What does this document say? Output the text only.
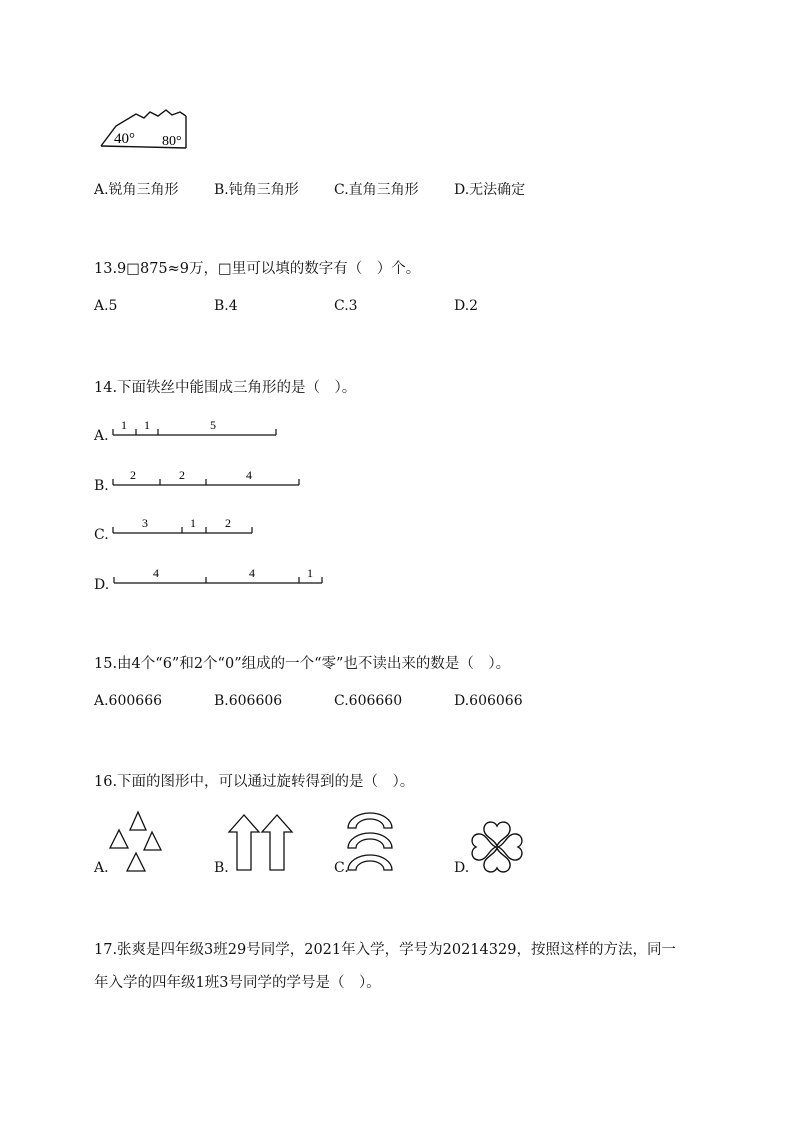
40° 80°
A.锐角三角形	B.钝角三角形	C.直角三角形	D.无法确定
13.9□875≈9万，□里可以填的数字有（　）个。
A.5	B.4	C.3	D.2
14.下面铁丝中能围成三角形的是（　）。
A.
1 1	5
B.
2	2	4
C.
3	1 2
D.
4	4	1
15.由4个“6”和2个“0”组成的一个“零”也不读出来的数是（　）。
A.600666	B.606606	C.606660	D.606066
16.下面的图形中，可以通过旋转得到的是（　）。
A.	B.	C.	D.
17.张爽是四年级3班29号同学，2021年入学，学号为20214329，按照这样的方法，同一
年入学的四年级1班3号同学的学号是（　）。
